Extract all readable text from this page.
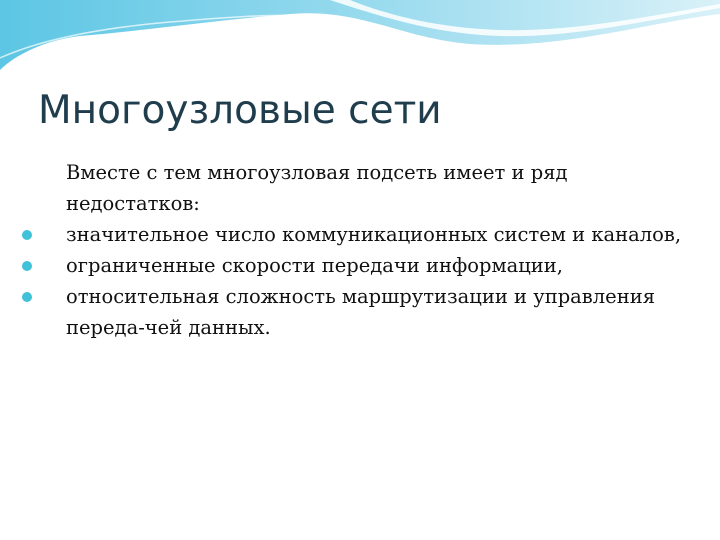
Многоузловые сети

Вместе с тем многоузловая подсеть имеет и ряд недостатков:

значительное число коммуникационных систем и каналов,
ограниченные скорости передачи информации,
относительная сложность маршрутизации и управления переда-чей данных.
